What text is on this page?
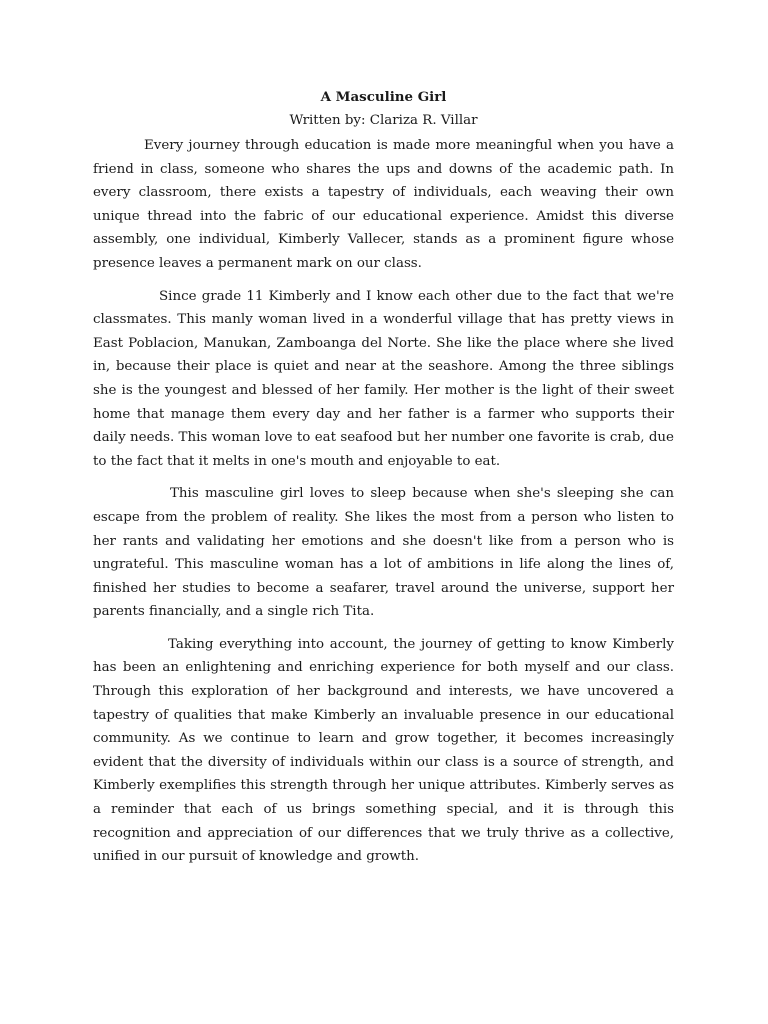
A Masculine Girl

Written by: Clariza R. Villar

Every journey through education is made more meaningful when you have a friend in class, someone who shares the ups and downs of the academic path. In every classroom, there exists a tapestry of individuals, each weaving their own unique thread into the fabric of our educational experience. Amidst this diverse assembly, one individual, Kimberly Vallecer, stands as a prominent figure whose presence leaves a permanent mark on our class.

Since grade 11 Kimberly and I know each other due to the fact that we're classmates. This manly woman lived in a wonderful village that has pretty views in East Poblacion, Manukan, Zamboanga del Norte. She like the place where she lived in, because their place is quiet and near at the seashore. Among the three siblings she is the youngest and blessed of her family. Her mother is the light of their sweet home that manage them every day and her father is a farmer who supports their daily needs. This woman love to eat seafood but her number one favorite is crab, due to the fact that it melts in one's mouth and enjoyable to eat.

This masculine girl loves to sleep because when she's sleeping she can escape from the problem of reality. She likes the most from a person who listen to her rants and validating her emotions and she doesn't like from a person who is ungrateful. This masculine woman has a lot of ambitions in life along the lines of, finished her studies to become a seafarer, travel around the universe, support her parents financially, and a single rich Tita.

Taking everything into account, the journey of getting to know Kimberly has been an enlightening and enriching experience for both myself and our class. Through this exploration of her background and interests, we have uncovered a tapestry of qualities that make Kimberly an invaluable presence in our educational community. As we continue to learn and grow together, it becomes increasingly evident that the diversity of individuals within our class is a source of strength, and Kimberly exemplifies this strength through her unique attributes. Kimberly serves as a reminder that each of us brings something special, and it is through this recognition and appreciation of our differences that we truly thrive as a collective, unified in our pursuit of knowledge and growth.
